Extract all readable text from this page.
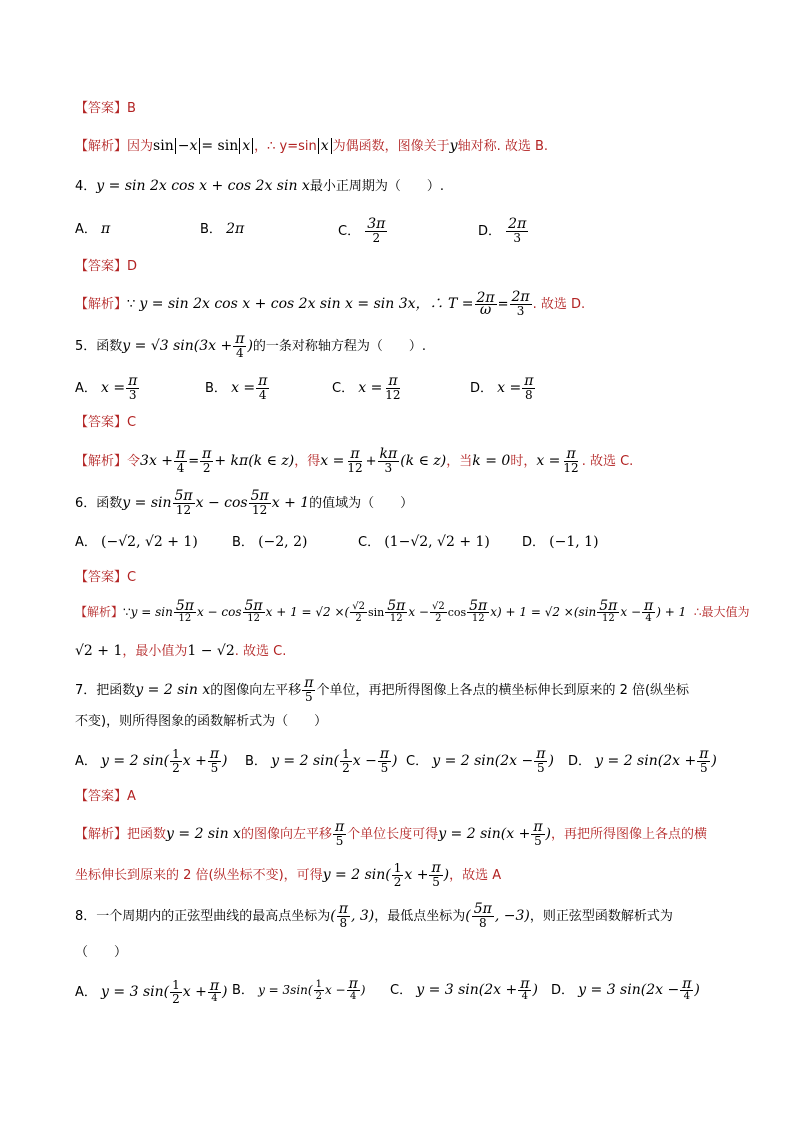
【答案】B
【解析】因为sin −x = sin x ，∴ y=sin x 为偶函数，图像关于y轴对称. 故选 B.
4．y = sin 2x cos x + cos 2x sin x最小正周期为（　　）.
A． π	B． 2π	C． $\frac{3\pi}{2}$	D． $\frac{2\pi}{3}$
【答案】D
【解析】∵ y = sin 2x cos x + cos 2x sin x = sin 3x，∴ $T = \frac{2\pi}{\omega} = \frac{2\pi}{3}$ . 故选 D.
5．函数y = √3 $\sin(3x + \frac{\pi}{4}$ )的一条对称轴方程为（　　）.
A． $x = \frac{\pi}{3}$	B． $x = \frac{\pi}{4}$	C． $x = \frac{\pi}{12}$	D． $x = \frac{\pi}{8}$
【答案】C
【解析】令$3x + \frac{\pi}{4} = \frac{\pi}{2} + k\pi(k$ ∈ z)，得$x = \frac{\pi}{12} + \frac{k\pi}{3} (k$ ∈ z)，当k = 0时，$x = \frac{\pi}{12}$ . 故选 C.
6．函数$y = \sin \frac{5\pi}{12}$ $x - \cos \frac{5\pi}{12}$ x + 1的值域为（　　）
A． (−√2, √2 + 1)	B． (−2, 2)	C． (1−√2, √2 + 1) D． (−1, 1)
【答案】C
【解析】∵y = $\sin \frac{5\pi}{12}$ $x - \cos \frac{5\pi}{12}$ x + 1 = √2 ×( $\frac{√2}{2}$ $\sin \frac{5\pi}{12}$ $x - \frac{√2}{2}$ $\cos \frac{5\pi}{12} x) + 1 = √2 \times(\sin \frac{5\pi}{12}$ $x - \frac{\pi}{4}$ ) + 1 ∴最大值为
√2 + 1，最小值为1 − √2. 故选 C.
7．把函数y = 2 sin x的图像向左平移 $\frac{\pi}{5}$ 个单位，再把所得图像上各点的横坐标伸长到原来的 2 倍(纵坐标
不变)，则所得图象的函数解析式为（　　）
A． y = 2 $\sin( \frac{1}{2}$ $x + \frac{\pi}{5}$ ) B． y = 2 $\sin( \frac{1}{2}$ $x - \frac{\pi}{5}$ ) C． y = 2 $\sin(2x - \frac{\pi}{5}$ ) D． y = 2 $\sin(2x + \frac{\pi}{5}$ )
【答案】A
【解析】把函数y = 2 sin x的图像向左平移 $\frac{\pi}{5}$ 个单位长度可得y = 2 $\sin(x + \frac{\pi}{5}$ )，再把所得图像上各点的横
坐标伸长到原来的 2 倍(纵坐标不变)，可得y = 2 $\sin( \frac{1}{2}$ $x + \frac{\pi}{5}$ )，故选 A
8．一个周期内的正弦型曲线的最高点坐标为( $\frac{\pi}{8}$ , 3)，最低点坐标为( $\frac{5\pi}{8}$ , −3)，则正弦型函数解析式为
（　　）
A． y = 3 $\sin( \frac{1}{2}$ $x + \frac{\pi}{4}$ ) B． $y = 3\sin( \frac{1}{2}$ $x - \frac{\pi}{4}$ ) C． y = 3 $\sin(2x + \frac{\pi}{4}$ ) D． y = 3 $\sin(2x - \frac{\pi}{4}$ )
